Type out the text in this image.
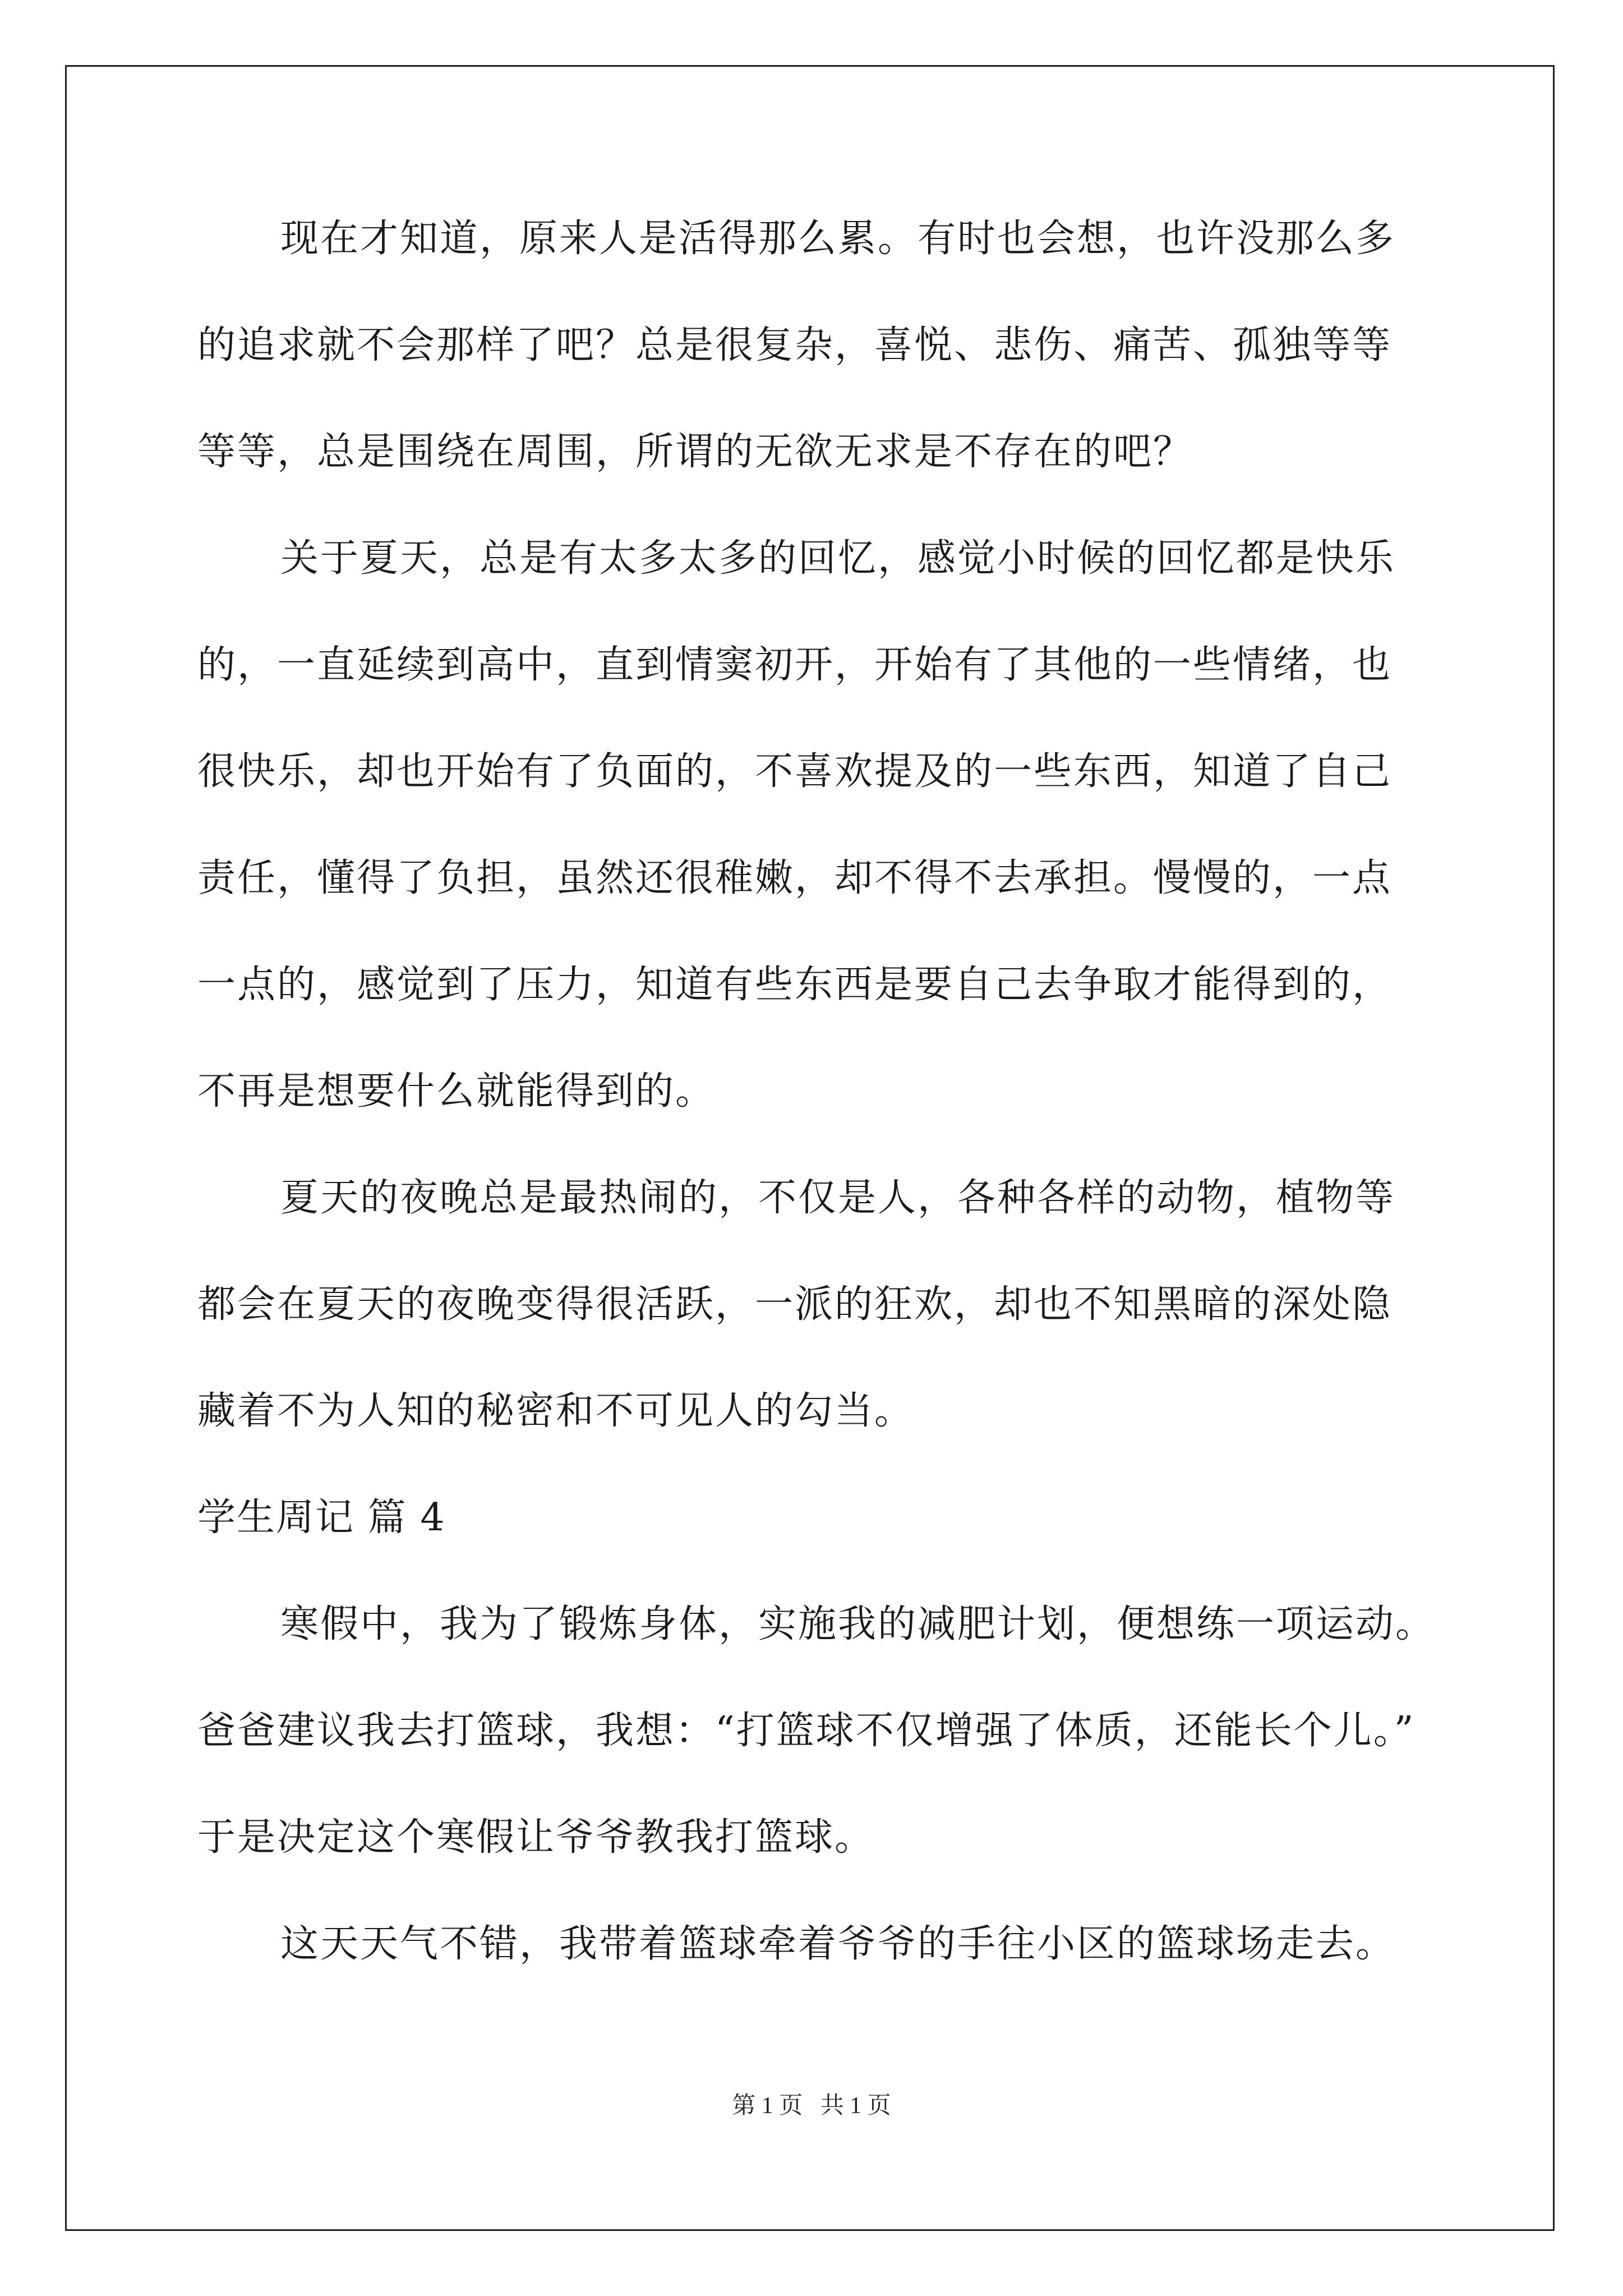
现在才知道，原来人是活得那么累。有时也会想，也许没那么多
的追求就不会那样了吧？总是很复杂，喜悦、悲伤、痛苦、孤独等等
等等，总是围绕在周围，所谓的无欲无求是不存在的吧？
关于夏天，总是有太多太多的回忆，感觉小时候的回忆都是快乐
的，一直延续到高中，直到情窦初开，开始有了其他的一些情绪，也
很快乐，却也开始有了负面的，不喜欢提及的一些东西，知道了自己
责任，懂得了负担，虽然还很稚嫩，却不得不去承担。慢慢的，一点
一点的，感觉到了压力，知道有些东西是要自己去争取才能得到的，
不再是想要什么就能得到的。
夏天的夜晚总是最热闹的，不仅是人，各种各样的动物，植物等
都会在夏天的夜晚变得很活跃，一派的狂欢，却也不知黑暗的深处隐
藏着不为人知的秘密和不可见人的勾当。
学生周记 篇 4
寒假中，我为了锻炼身体，实施我的减肥计划，便想练一项运动。
爸爸建议我去打篮球，我想：“打篮球不仅增强了体质，还能长个儿。”
于是决定这个寒假让爷爷教我打篮球。
这天天气不错，我带着篮球牵着爷爷的手往小区的篮球场走去。
第 1 页   共 1 页
